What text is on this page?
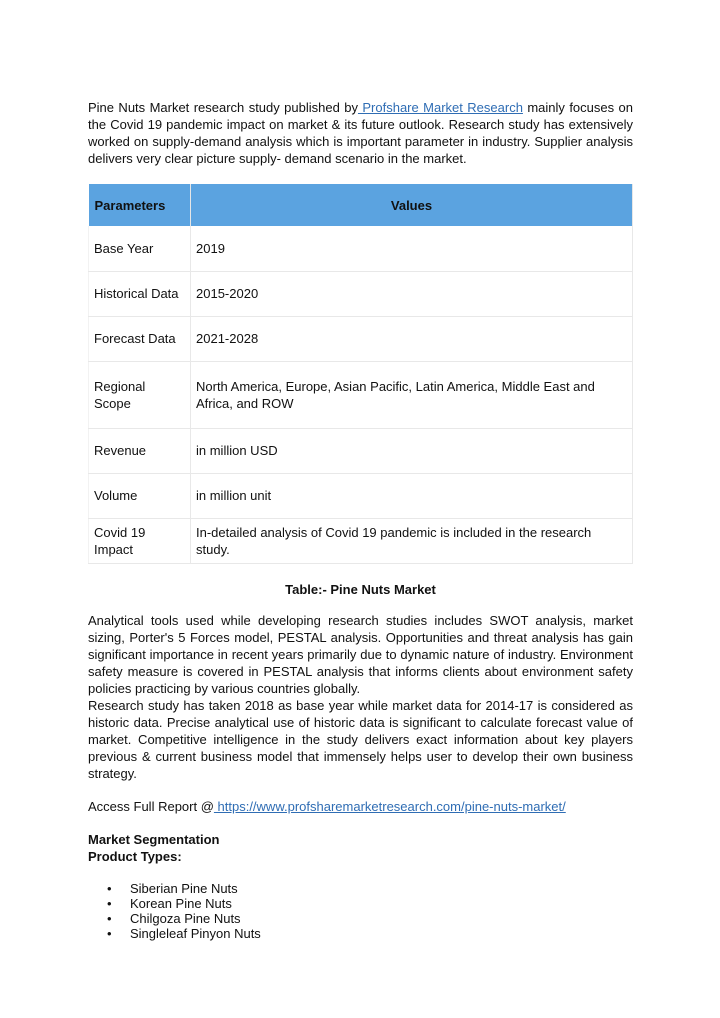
Pine Nuts Market research study published by Profshare Market Research mainly focuses on the Covid 19 pandemic impact on market & its future outlook. Research study has extensively worked on supply-demand analysis which is important parameter in industry. Supplier analysis delivers very clear picture supply- demand scenario in the market.

Parameters	Values
Base Year	2019
Historical Data	2015-2020
Forecast Data	2021-2028
Regional Scope	North America, Europe, Asian Pacific, Latin America, Middle East and Africa, and ROW
Revenue	in million USD
Volume	in million unit
Covid 19 Impact	In-detailed analysis of Covid 19 pandemic is included in the research study.

Table:- Pine Nuts Market

Analytical tools used while developing research studies includes SWOT analysis, market sizing, Porter's 5 Forces model, PESTAL analysis. Opportunities and threat analysis has gain significant importance in recent years primarily due to dynamic nature of industry. Environment safety measure is covered in PESTAL analysis that informs clients about environment safety policies practicing by various countries globally.

Research study has taken 2018 as base year while market data for 2014-17 is considered as historic data. Precise analytical use of historic data is significant to calculate forecast value of market. Competitive intelligence in the study delivers exact information about key players previous & current business model that immensely helps user to develop their own business strategy.

Access Full Report @ https://www.profsharemarketresearch.com/pine-nuts-market/

Market Segmentation

Product Types:

• Siberian Pine Nuts
• Korean Pine Nuts
• Chilgoza Pine Nuts
• Singleleaf Pinyon Nuts
